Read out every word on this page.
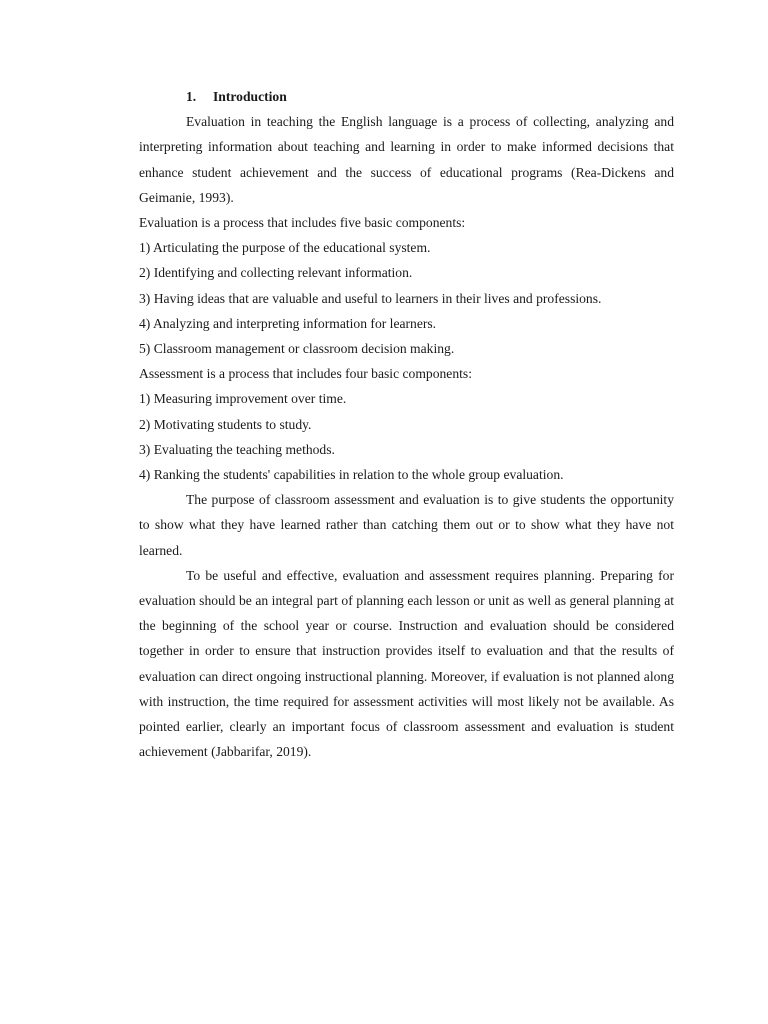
1. Introduction

Evaluation in teaching the English language is a process of collecting, analyzing and interpreting information about teaching and learning in order to make informed decisions that enhance student achievement and the success of educational programs (Rea-Dickens and Geimanie, 1993).

Evaluation is a process that includes five basic components:

1) Articulating the purpose of the educational system.
2) Identifying and collecting relevant information.
3) Having ideas that are valuable and useful to learners in their lives and professions.
4) Analyzing and interpreting information for learners.
5) Classroom management or classroom decision making.

Assessment is a process that includes four basic components:

1) Measuring improvement over time.
2) Motivating students to study.
3) Evaluating the teaching methods.
4) Ranking the students' capabilities in relation to the whole group evaluation.

The purpose of classroom assessment and evaluation is to give students the opportunity to show what they have learned rather than catching them out or to show what they have not learned.

To be useful and effective, evaluation and assessment requires planning. Preparing for evaluation should be an integral part of planning each lesson or unit as well as general planning at the beginning of the school year or course. Instruction and evaluation should be considered together in order to ensure that instruction provides itself to evaluation and that the results of evaluation can direct ongoing instructional planning. Moreover, if evaluation is not planned along with instruction, the time required for assessment activities will most likely not be available. As pointed earlier, clearly an important focus of classroom assessment and evaluation is student achievement (Jabbarifar, 2019).
